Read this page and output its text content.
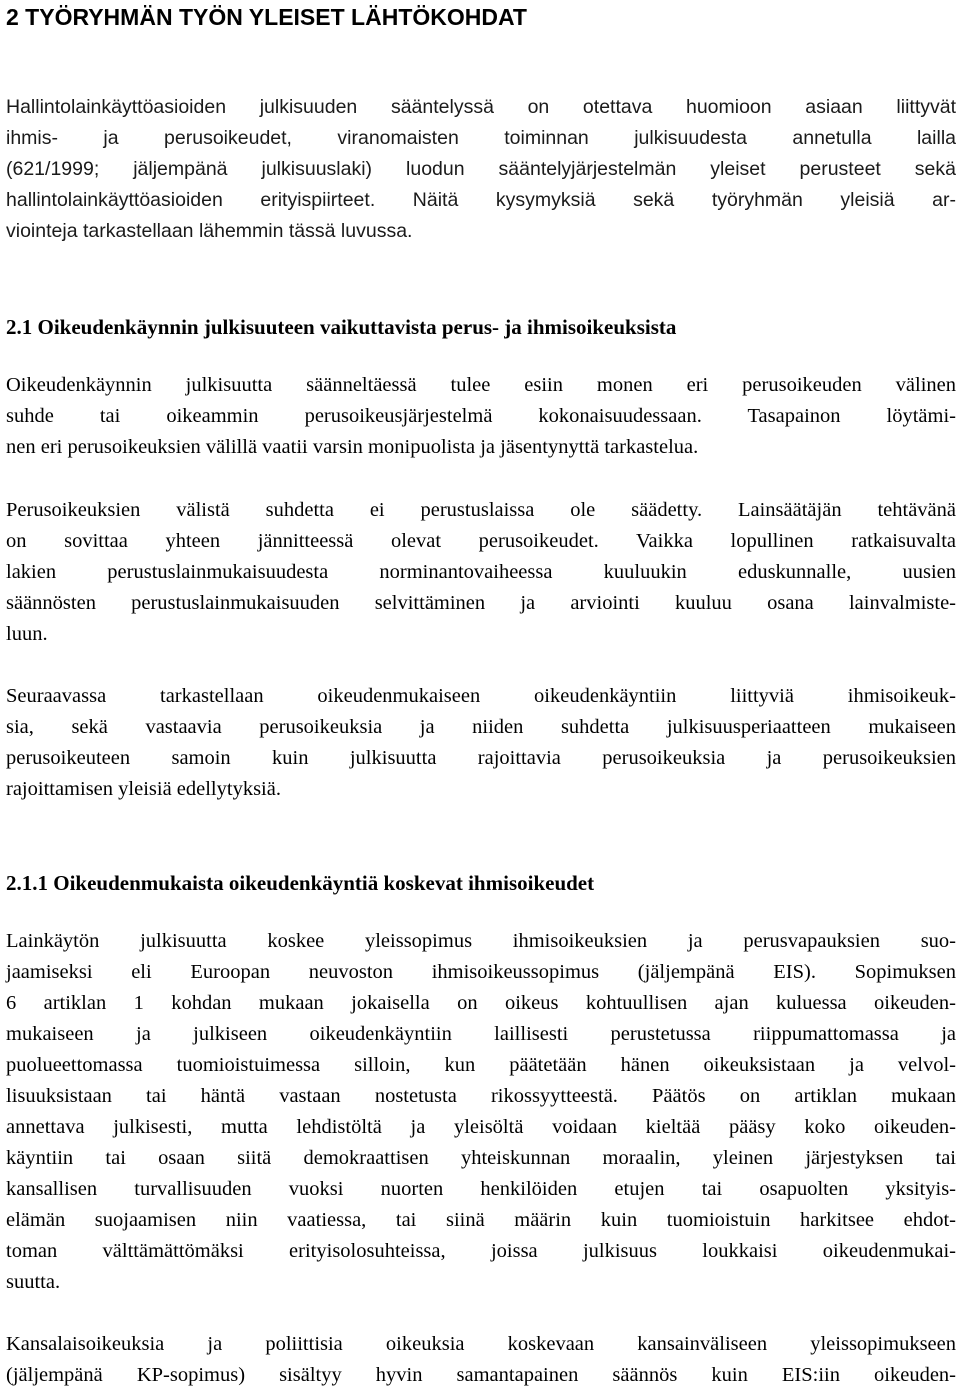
2 TYÖRYHMÄN TYÖN YLEISET LÄHTÖKOHDAT
Hallintolainkäyttöasioiden julkisuuden sääntelyssä on otettava huomioon asiaan liittyvät
ihmis- ja perusoikeudet, viranomaisten toiminnan julkisuudesta annetulla lailla
(621/1999; jäljempänä julkisuuslaki) luodun sääntelyjärjestelmän yleiset perusteet sekä
hallintolainkäyttöasioiden erityispiirteet. Näitä kysymyksiä sekä työryhmän yleisiä ar-
viointeja tarkastellaan lähemmin tässä luvussa.
2.1 Oikeudenkäynnin julkisuuteen vaikuttavista perus- ja ihmisoikeuksista
Oikeudenkäynnin julkisuutta säänneltäessä tulee esiin monen eri perusoikeuden välinen
suhde tai oikeammin perusoikeusjärjestelmä kokonaisuudessaan. Tasapainon löytämi-
nen eri perusoikeuksien välillä vaatii varsin monipuolista ja jäsentynyttä tarkastelua.
Perusoikeuksien välistä suhdetta ei perustuslaissa ole säädetty. Lainsäätäjän tehtävänä
on sovittaa yhteen jännitteessä olevat perusoikeudet. Vaikka lopullinen ratkaisuvalta
lakien perustuslainmukaisuudesta norminantovaiheessa kuuluukin eduskunnalle, uusien
säännösten perustuslainmukaisuuden selvittäminen ja arviointi kuuluu osana lainvalmiste-
luun.
Seuraavassa tarkastellaan oikeudenmukaiseen oikeudenkäyntiin liittyviä ihmisoikeuk-
sia, sekä vastaavia perusoikeuksia ja niiden suhdetta julkisuusperiaatteen mukaiseen
perusoikeuteen samoin kuin julkisuutta rajoittavia perusoikeuksia ja perusoikeuksien
rajoittamisen yleisiä edellytyksiä.
2.1.1 Oikeudenmukaista oikeudenkäyntiä koskevat ihmisoikeudet
Lainkäytön julkisuutta koskee yleissopimus ihmisoikeuksien ja perusvapauksien suo-
jaamiseksi eli Euroopan neuvoston ihmisoikeussopimus (jäljempänä EIS). Sopimuksen
6 artiklan 1 kohdan mukaan jokaisella on oikeus kohtuullisen ajan kuluessa oikeuden-
mukaiseen ja julkiseen oikeudenkäyntiin laillisesti perustetussa riippumattomassa ja
puolueettomassa tuomioistuimessa silloin, kun päätetään hänen oikeuksistaan ja velvol-
lisuuksistaan tai häntä vastaan nostetusta rikossyytteestä. Päätös on artiklan mukaan
annettava julkisesti, mutta lehdistöltä ja yleisöltä voidaan kieltää pääsy koko oikeuden-
käyntiin tai osaan siitä demokraattisen yhteiskunnan moraalin, yleinen järjestyksen tai
kansallisen turvallisuuden vuoksi nuorten henkilöiden etujen tai osapuolten yksityis-
elämän suojaamisen niin vaatiessa, tai siinä määrin kuin tuomioistuin harkitsee ehdot-
toman välttämättömäksi erityisolosuhteissa, joissa julkisuus loukkaisi oikeudenmukai-
suutta.
Kansalaisoikeuksia ja poliittisia oikeuksia koskevaan kansainväliseen yleissopimukseen
(jäljempänä KP-sopimus) sisältyy hyvin samantapainen säännös kuin EIS:iin oikeuden-
